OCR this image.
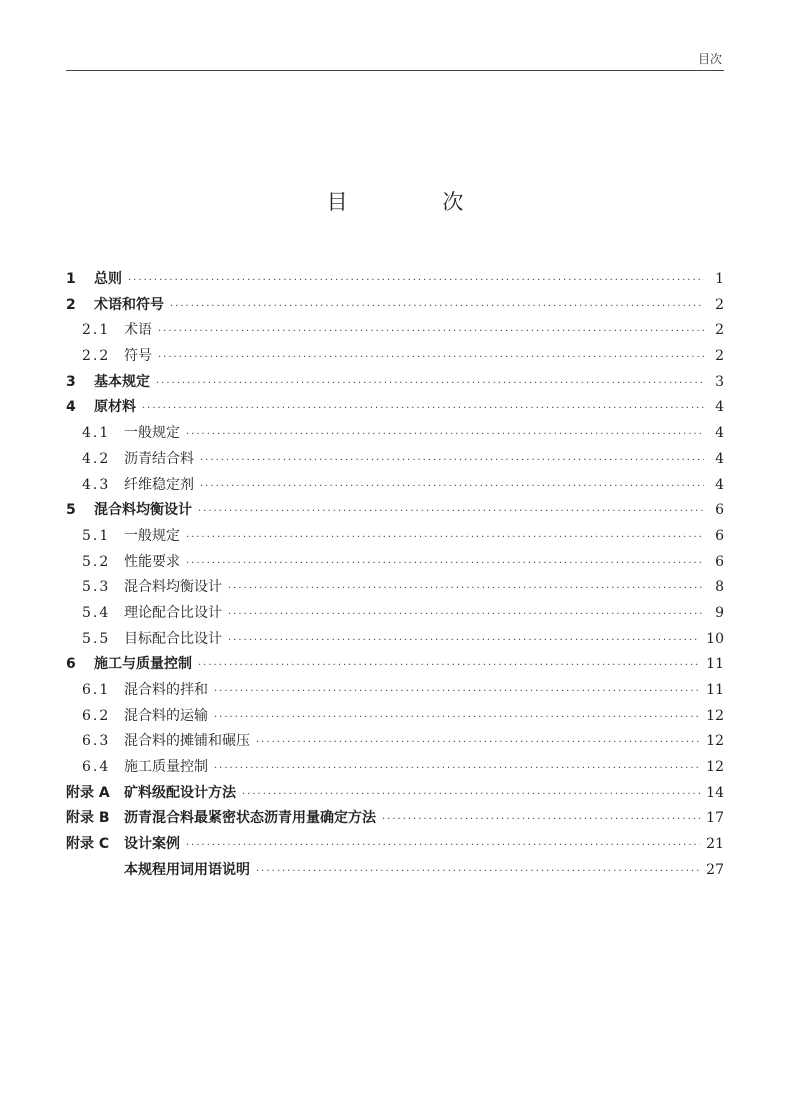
目次
目 次
1	总则 ·····	1
2	术语和符号 ·····	2
2.1 术语 ·····	2
2.2 符号 ·····	2
3	基本规定 ·····	3
4	原材料 ·····	4
4.1 一般规定 ·····	4
4.2 沥青结合料 ·····	4
4.3 纤维稳定剂 ·····	4
5	混合料均衡设计 ·····	6
5.1 一般规定 ·····	6
5.2 性能要求 ·····	6
5.3 混合料均衡设计 ·····	8
5.4 理论配合比设计 ·····	9
5.5 目标配合比设计 ·····	10
6	施工与质量控制 ·····	11
6.1 混合料的拌和 ·····	11
6.2 混合料的运输 ·····	12
6.3 混合料的摊铺和碾压 ·····	12
6.4 施工质量控制 ·····	12
附录 A	矿料级配设计方法 ·····	14
附录 B	沥青混合料最紧密状态沥青用量确定方法 ·····	17
附录 C	设计案例 ·····	21
本规程用词用语说明 ·····	27
